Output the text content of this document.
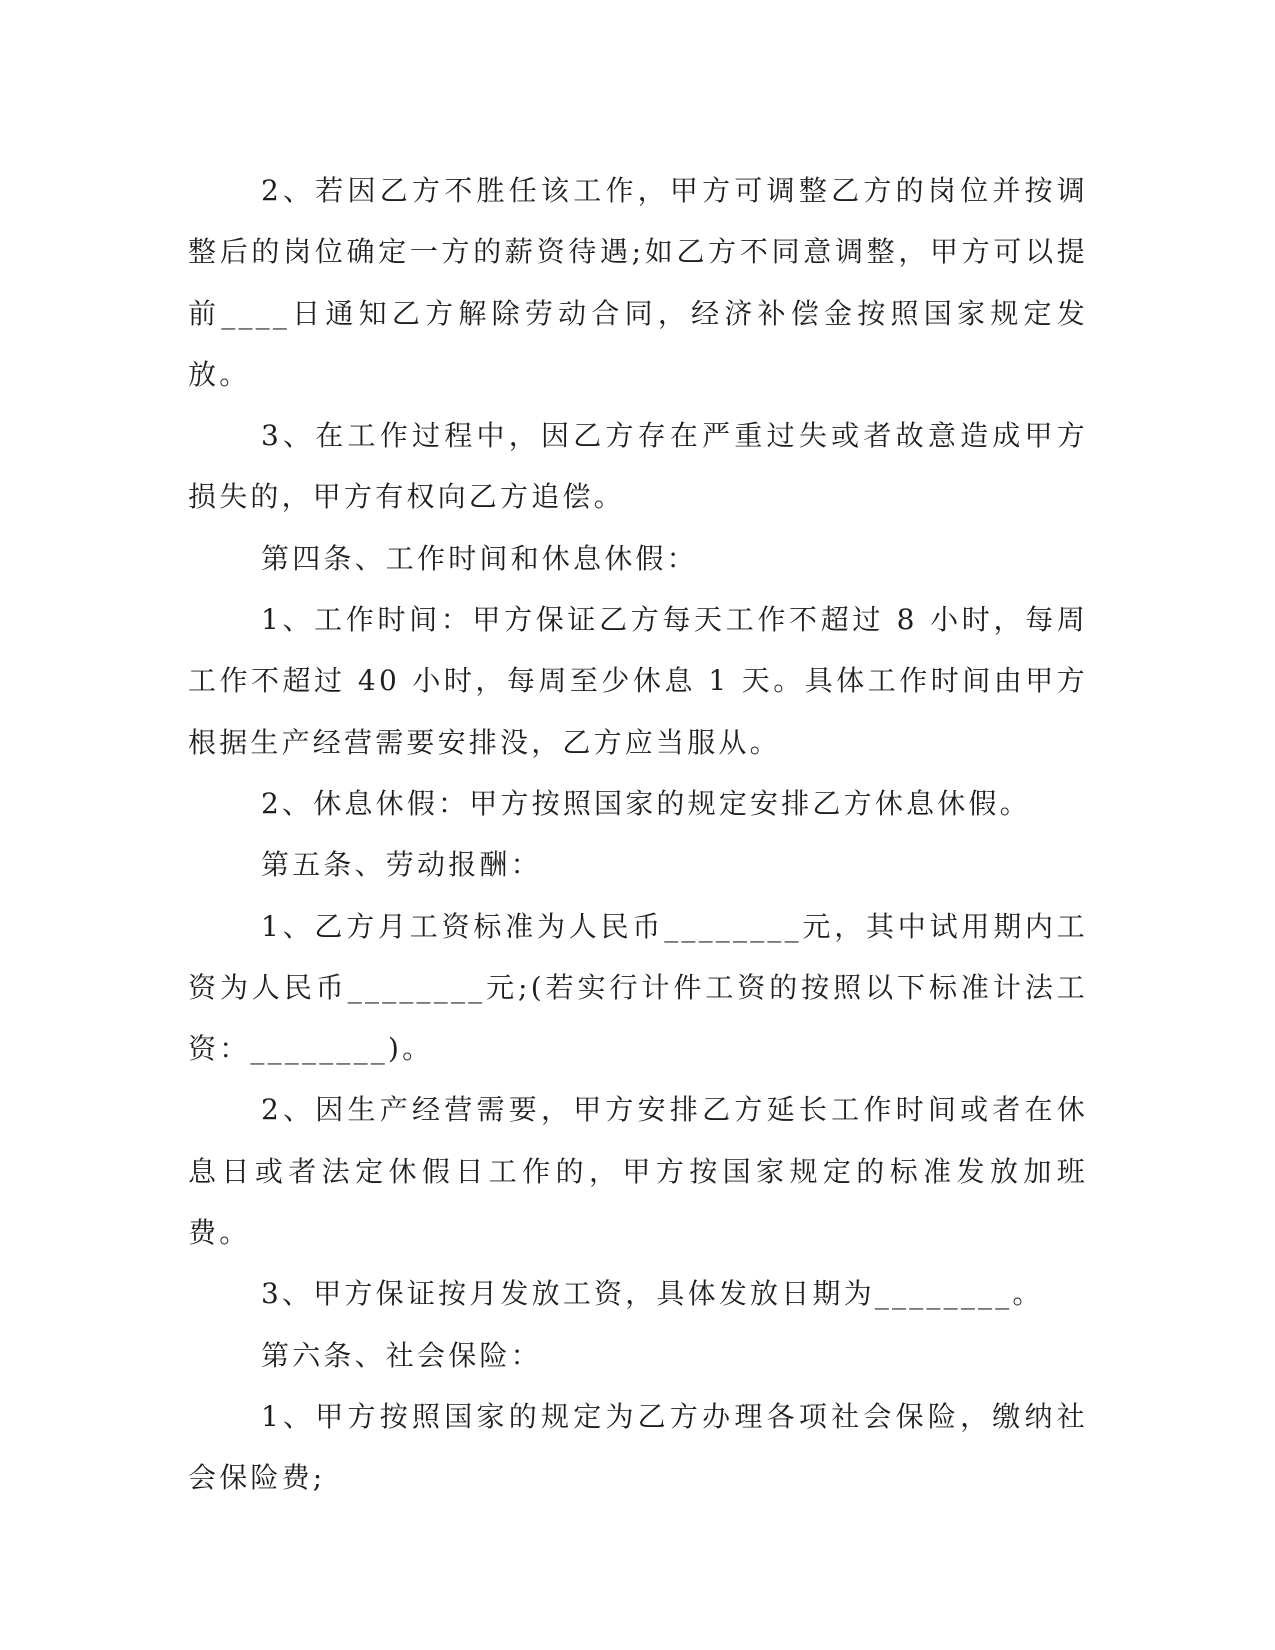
2、若因乙方不胜任该工作，甲方可调整乙方的岗位并按调整后的岗位确定一方的薪资待遇;如乙方不同意调整，甲方可以提前____日通知乙方解除劳动合同，经济补偿金按照国家规定发放。

3、在工作过程中，因乙方存在严重过失或者故意造成甲方损失的，甲方有权向乙方追偿。

第四条、工作时间和休息休假：

1、工作时间：甲方保证乙方每天工作不超过 8 小时，每周工作不超过 40 小时，每周至少休息 1 天。具体工作时间由甲方根据生产经营需要安排没，乙方应当服从。

2、休息休假：甲方按照国家的规定安排乙方休息休假。

第五条、劳动报酬：

1、乙方月工资标准为人民币________元，其中试用期内工资为人民币________元;(若实行计件工资的按照以下标准计法工资：________)。

2、因生产经营需要，甲方安排乙方延长工作时间或者在休息日或者法定休假日工作的，甲方按国家规定的标准发放加班费。

3、甲方保证按月发放工资，具体发放日期为________。

第六条、社会保险：

1、甲方按照国家的规定为乙方办理各项社会保险，缴纳社会保险费;
